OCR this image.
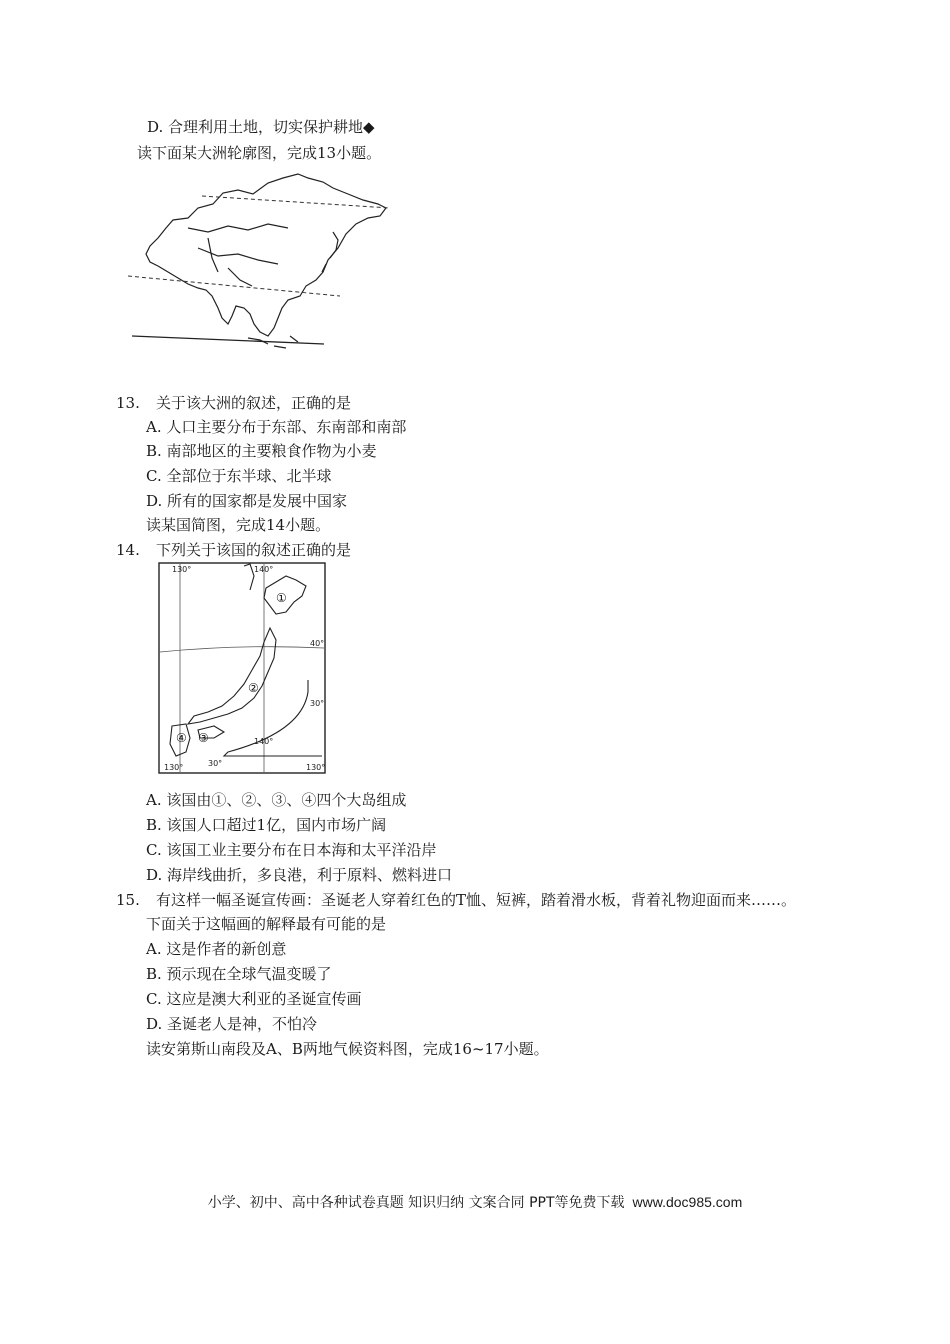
D. 合理利用土地，切实保护耕地◆
读下面某大洲轮廓图，完成13小题。
13. 关于该大洲的叙述，正确的是
A. 人口主要分布于东部、东南部和南部
B. 南部地区的主要粮食作物为小麦
C. 全部位于东半球、北半球
D. 所有的国家都是发展中国家
读某国简图，完成14小题。
14. 下列关于该国的叙述正确的是
130°	140°
40°
30°
140°
130°	30°	130°
①
②
③
④
A. 该国由①、②、③、④四个大岛组成
B. 该国人口超过1亿，国内市场广阔
C. 该国工业主要分布在日本海和太平洋沿岸
D. 海岸线曲折，多良港，利于原料、燃料进口
15. 有这样一幅圣诞宣传画：圣诞老人穿着红色的T恤、短裤，踏着滑水板，背着礼物迎面而来……。
下面关于这幅画的解释最有可能的是
A. 这是作者的新创意
B. 预示现在全球气温变暖了
C. 这应是澳大利亚的圣诞宣传画
D. 圣诞老人是神，不怕冷
读安第斯山南段及A、B两地气候资料图，完成16~17小题。
小学、初中、高中各种试卷真题 知识归纳 文案合同 PPT等免费下载 www.doc985.com
